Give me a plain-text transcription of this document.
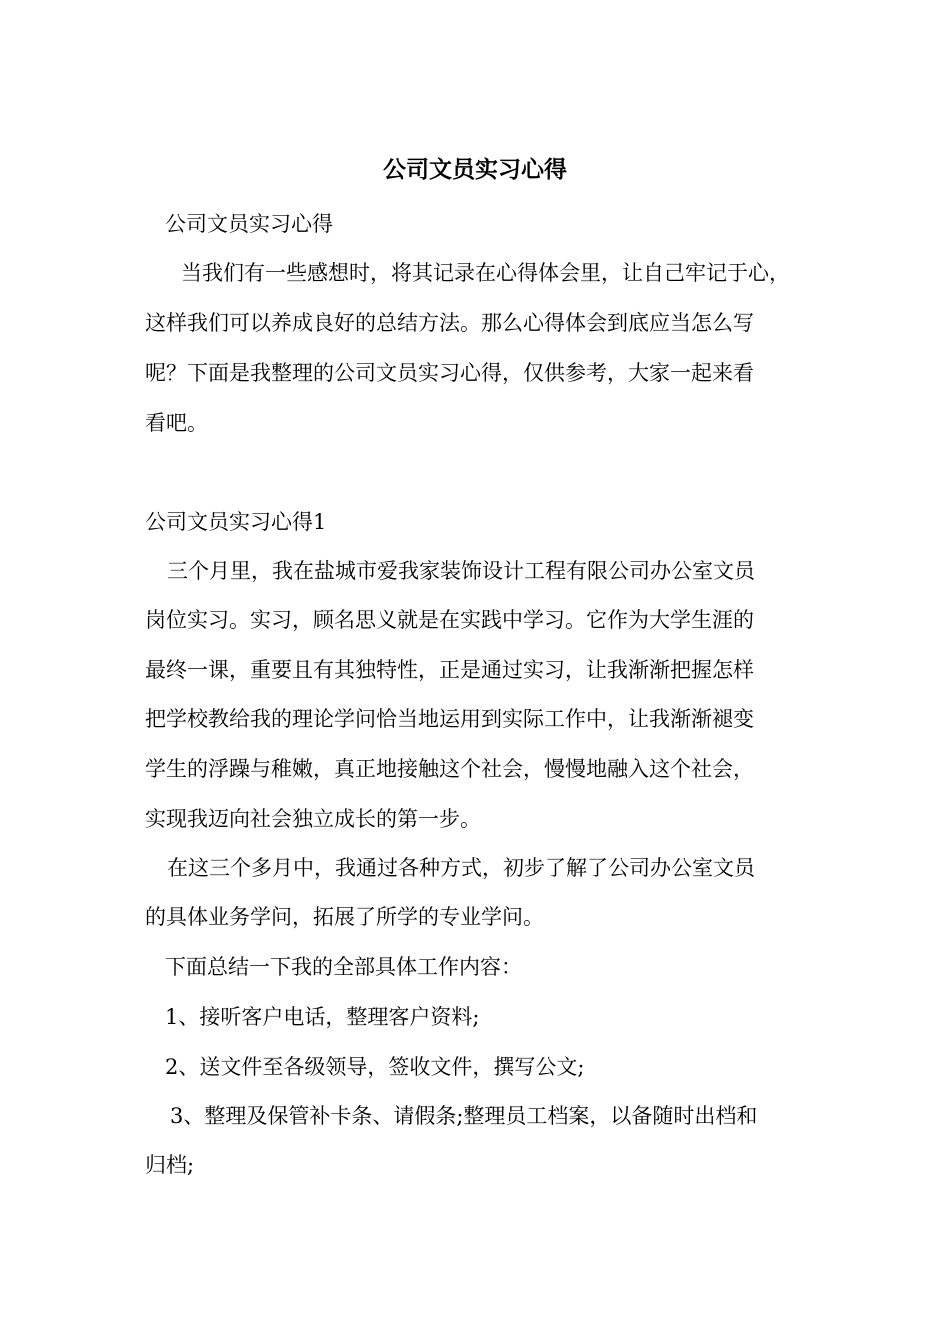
公司文员实习心得

公司文员实习心得

当我们有一些感想时，将其记录在心得体会里，让自己牢记于心，

这样我们可以养成良好的总结方法。那么心得体会到底应当怎么写

呢？下面是我整理的公司文员实习心得，仅供参考，大家一起来看

看吧。

公司文员实习心得1

三个月里，我在盐城市爱我家装饰设计工程有限公司办公室文员

岗位实习。实习，顾名思义就是在实践中学习。它作为大学生涯的

最终一课，重要且有其独特性，正是通过实习，让我渐渐把握怎样

把学校教给我的理论学问恰当地运用到实际工作中，让我渐渐褪变

学生的浮躁与稚嫩，真正地接触这个社会，慢慢地融入这个社会，

实现我迈向社会独立成长的第一步。

在这三个多月中，我通过各种方式，初步了解了公司办公室文员

的具体业务学问，拓展了所学的专业学问。

下面总结一下我的全部具体工作内容：

1、接听客户电话，整理客户资料;

2、送文件至各级领导，签收文件，撰写公文;

3、整理及保管补卡条、请假条;整理员工档案，以备随时出档和

归档;
